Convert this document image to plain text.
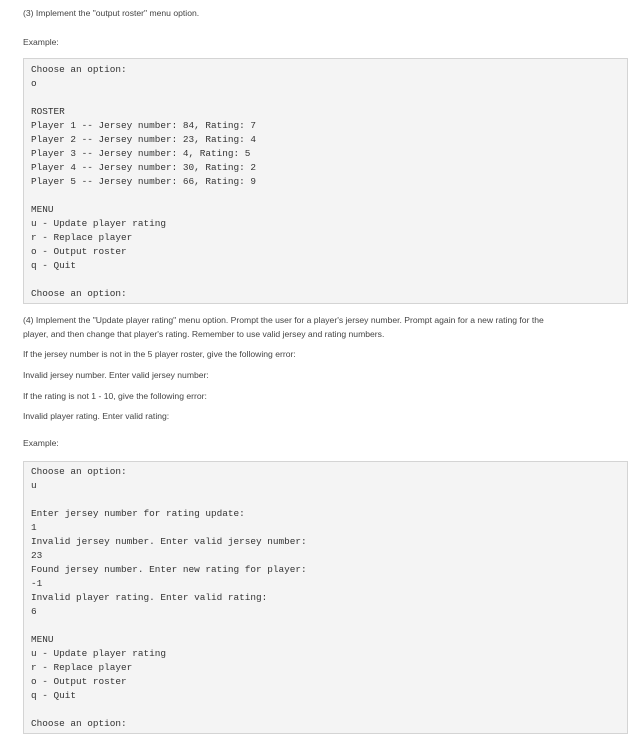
(3) Implement the "output roster" menu option.

Example:

Choose an option:
o
ROSTER
Player 1 -- Jersey number: 84, Rating: 7
Player 2 -- Jersey number: 23, Rating: 4
Player 3 -- Jersey number: 4, Rating: 5
Player 4 -- Jersey number: 30, Rating: 2
Player 5 -- Jersey number: 66, Rating: 9
MENU
u - Update player rating
r - Replace player
o - Output roster
q - Quit
Choose an option:

(4) Implement the "Update player rating" menu option. Prompt the user for a player's jersey number. Prompt again for a new rating for the

player, and then change that player's rating. Remember to use valid jersey and rating numbers.

If the jersey number is not in the 5 player roster, give the following error:

Invalid jersey number. Enter valid jersey number:

If the rating is not 1 - 10, give the following error:

Invalid player rating. Enter valid rating:

Example:

Choose an option:
u
Enter jersey number for rating update:
1
Invalid jersey number. Enter valid jersey number:
23
Found jersey number. Enter new rating for player:
-1
Invalid player rating. Enter valid rating:
6
MENU
u - Update player rating
r - Replace player
o - Output roster
q - Quit
Choose an option:
